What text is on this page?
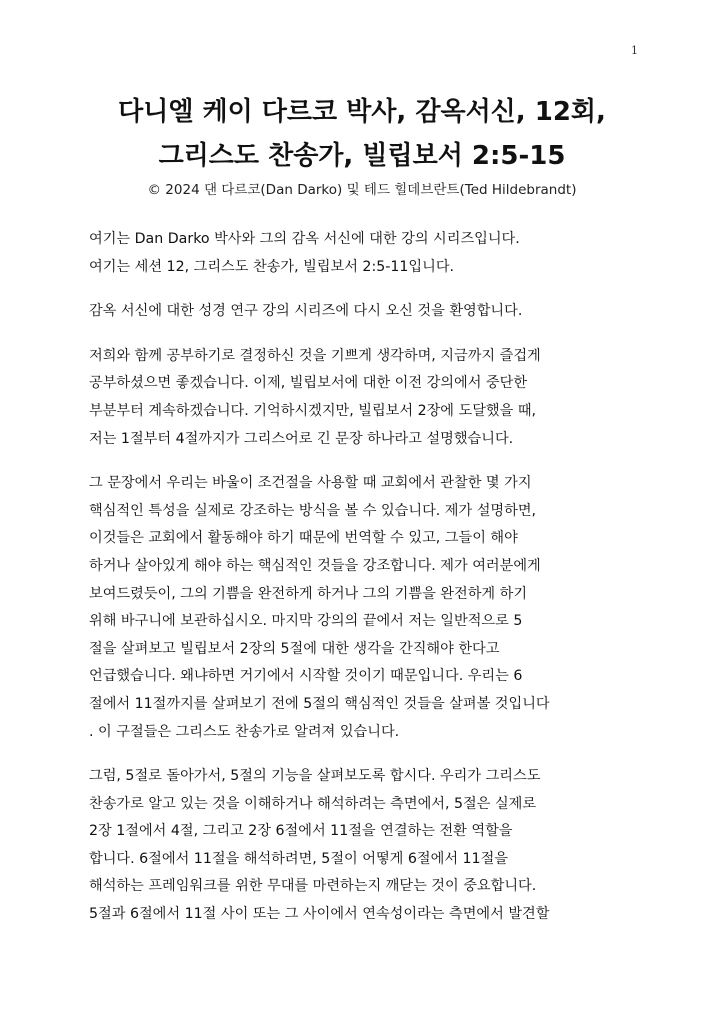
1
다니엘 케이 다르코 박사, 감옥서신, 12회,
그리스도 찬송가, 빌립보서 2:5-15
© 2024 댄 다르코(Dan Darko) 및 테드 힐데브란트(Ted Hildebrandt)

여기는 Dan Darko 박사와 그의 감옥 서신에 대한 강의 시리즈입니다.
여기는 세션 12, 그리스도 찬송가, 빌립보서 2:5-11입니다.

감옥 서신에 대한 성경 연구 강의 시리즈에 다시 오신 것을 환영합니다.

저희와 함께 공부하기로 결정하신 것을 기쁘게 생각하며, 지금까지 즐겁게
공부하셨으면 좋겠습니다. 이제, 빌립보서에 대한 이전 강의에서 중단한
부분부터 계속하겠습니다. 기억하시겠지만, 빌립보서 2장에 도달했을 때,
저는 1절부터 4절까지가 그리스어로 긴 문장 하나라고 설명했습니다.

그 문장에서 우리는 바울이 조건절을 사용할 때 교회에서 관찰한 몇 가지
핵심적인 특성을 실제로 강조하는 방식을 볼 수 있습니다. 제가 설명하면,
이것들은 교회에서 활동해야 하기 때문에 번역할 수 있고, 그들이 해야
하거나 살아있게 해야 하는 핵심적인 것들을 강조합니다. 제가 여러분에게
보여드렸듯이, 그의 기쁨을 완전하게 하거나 그의 기쁨을 완전하게 하기
위해 바구니에 보관하십시오. 마지막 강의의 끝에서 저는 일반적으로 5
절을 살펴보고 빌립보서 2장의 5절에 대한 생각을 간직해야 한다고
언급했습니다. 왜냐하면 거기에서 시작할 것이기 때문입니다. 우리는 6
절에서 11절까지를 살펴보기 전에 5절의 핵심적인 것들을 살펴볼 것입니다
. 이 구절들은 그리스도 찬송가로 알려져 있습니다.

그럼, 5절로 돌아가서, 5절의 기능을 살펴보도록 합시다. 우리가 그리스도
찬송가로 알고 있는 것을 이해하거나 해석하려는 측면에서, 5절은 실제로
2장 1절에서 4절, 그리고 2장 6절에서 11절을 연결하는 전환 역할을
합니다. 6절에서 11절을 해석하려면, 5절이 어떻게 6절에서 11절을
해석하는 프레임워크를 위한 무대를 마련하는지 깨닫는 것이 중요합니다.
5절과 6절에서 11절 사이 또는 그 사이에서 연속성이라는 측면에서 발견할
